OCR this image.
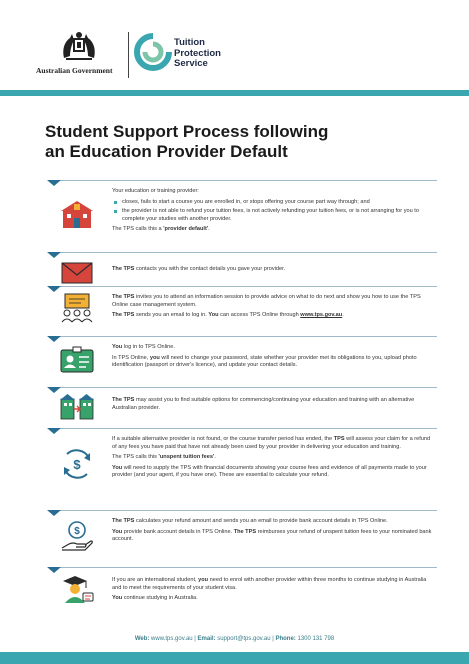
Australian Government
Tuition
Protection
Service
Student Support Process following
an Education Provider Default

Your education or training provider:

closes, fails to start a course you are enrolled in, or stops offering your course part way through; and
the provider is not able to refund your tuition fees, is not actively refunding your tuition fees, or is not arranging for you to complete your studies with another provider.

The TPS calls this a 'provider default'.

The TPS contacts you with the contact details you gave your provider.

The TPS invites you to attend an information session to provide advice on what to do next and show you how to use the TPS Online case management system.

The TPS sends you an email to log in. You can access TPS Online through www.tps.gov.au.

You log in to TPS Online.

In TPS Online, you will need to change your password, state whether your provider met its obligations to you, upload photo identification (passport or driver's licence), and update your contact details.

The TPS may assist you to find suitable options for commencing/continuing your education and training with an alternative Australian provider.

$

If a suitable alternative provider is not found, or the course transfer period has ended, the TPS will assess your claim for a refund of any fees you have paid that have not already been used by your provider in delivering your education and training.

The TPS calls this 'unspent tuition fees'.

You will need to supply the TPS with financial documents showing your course fees and evidence of all payments made to your provider (and your agent, if you have one). These are essential to calculate your refund.

$

The TPS calculates your refund amount and sends you an email to provide bank account details in TPS Online.

You provide bank account details in TPS Online. The TPS reimburses your refund of unspent tuition fees to your nominated bank account.

If you are an international student, you need to enrol with another provider within three months to continue studying in Australia and to meet the requirements of your student visa.

You continue studying in Australia.

Web: www.tps.gov.au | Email: support@tps.gov.au | Phone: 1300 131 798
